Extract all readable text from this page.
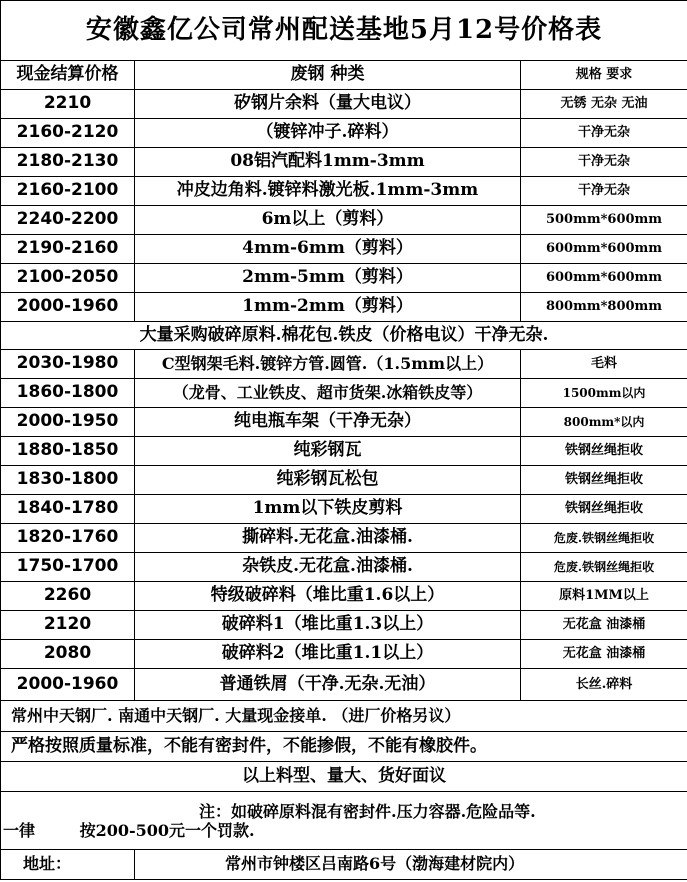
安徽鑫亿公司常州配送基地5月12号价格表		
现金结算价格	废钢 种类	规格 要求
2210	矽钢片余料（量大电议）	无锈 无杂 无油
2160-2120	（镀锌冲子.碎料）	干净无杂
2180-2130	08铝汽配料1mm-3mm	干净无杂
2160-2100	冲皮边角料.镀锌料激光板.1mm-3mm	干净无杂
2240-2200	6m以上（剪料）	500mm*600mm
2190-2160	4mm-6mm（剪料）	600mm*600mm
2100-2050	2mm-5mm（剪料）	600mm*600mm
2000-1960	1mm-2mm（剪料）	800mm*800mm
大量采购破碎原料.棉花包.铁皮（价格电议）干净无杂.		
2030-1980	C型钢架毛料.镀锌方管.圆管.（1.5mm以上）	毛料
1860-1800	（龙骨、工业铁皮、超市货架.冰箱铁皮等）	1500mm以内
2000-1950	纯电瓶车架（干净无杂）	800mm*以内
1880-1850	纯彩钢瓦	铁钢丝绳拒收
1830-1800	纯彩钢瓦松包	铁钢丝绳拒收
1840-1780	1mm以下铁皮剪料	铁钢丝绳拒收
1820-1760	撕碎料.无花盒.油漆桶.	危废.铁钢丝绳拒收
1750-1700	杂铁皮.无花盒.油漆桶.	危废.铁钢丝绳拒收
2260	特级破碎料（堆比重1.6以上）	原料1MM以上
2120	破碎料1（堆比重1.3以上）	无花盒 油漆桶
2080	破碎料2（堆比重1.1以上）	无花盒 油漆桶
2000-1960	普通铁屑（干净.无杂.无油）	长丝.碎料
常州中天钢厂. 南通中天钢厂. 大量现金接单. （进厂价格另议）		
严格按照质量标准，不能有密封件，不能掺假，不能有橡胶件。		
以上料型、量大、货好面议		

注：如破碎原料混有密封件.压力容器.危险品等.
一律        按200-500元一个罚款.		

地址：	常州市钟楼区吕南路6号（渤海建材院内）	
